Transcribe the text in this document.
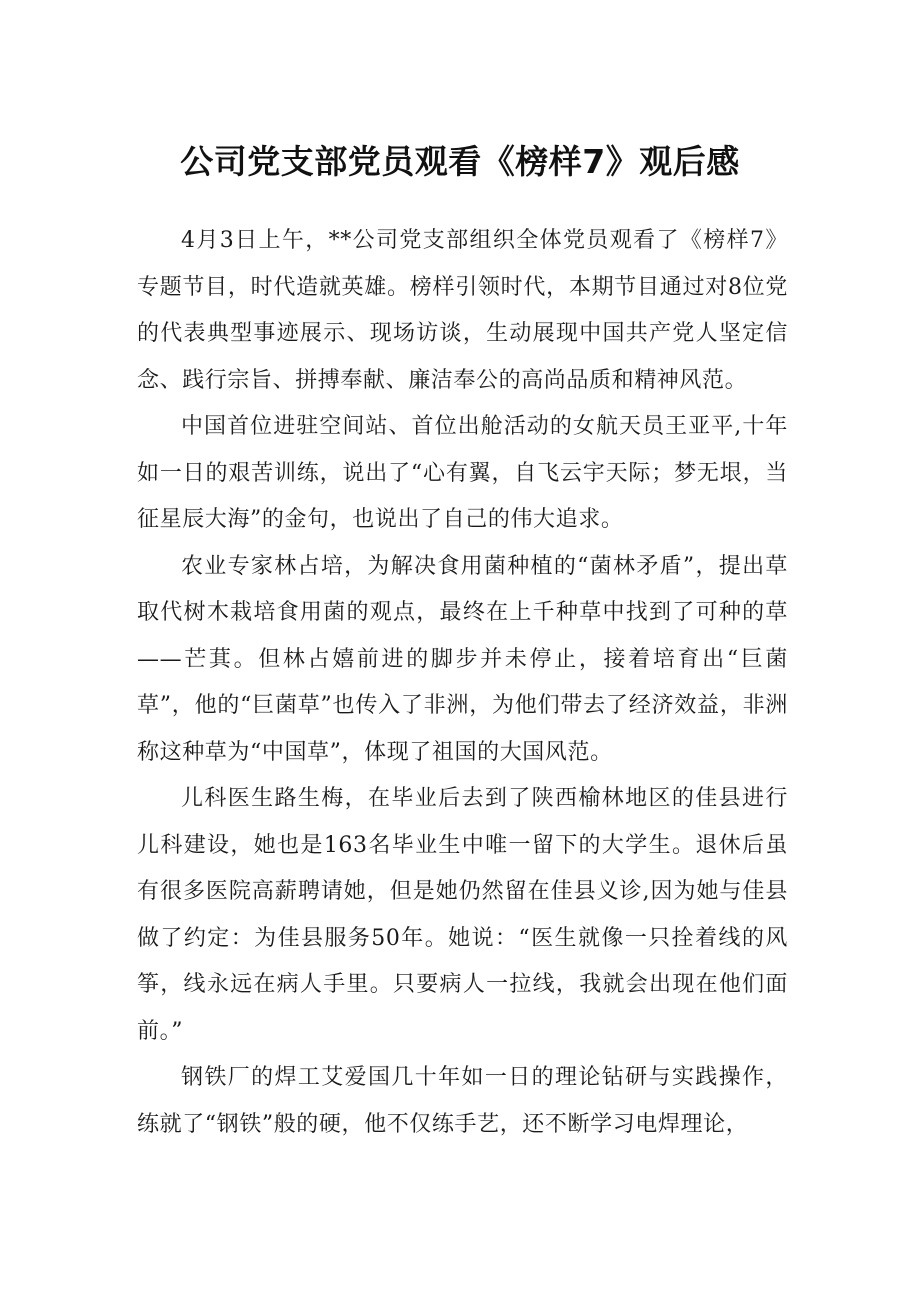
公司党支部党员观看《榜样7》观后感

4月3日上午，**公司党支部组织全体党员观看了《榜样7》专题节目，时代造就英雄。榜样引领时代，本期节目通过对8位党的代表典型事迹展示、现场访谈，生动展现中国共产党人坚定信念、践行宗旨、拼搏奉献、廉洁奉公的高尚品质和精神风范。

中国首位进驻空间站、首位出舱活动的女航天员王亚平,十年如一日的艰苦训练，说出了“心有翼，自飞云宇天际；梦无垠，当征星辰大海”的金句，也说出了自己的伟大追求。

农业专家林占培，为解决食用菌种植的“菌林矛盾”，提出草取代树木栽培食用菌的观点，最终在上千种草中找到了可种的草——芒萁。但林占嬉前进的脚步并未停止，接着培育出“巨菌草”，他的“巨菌草”也传入了非洲，为他们带去了经济效益，非洲称这种草为“中国草”，体现了祖国的大国风范。

儿科医生路生梅，在毕业后去到了陕西榆林地区的佳县进行儿科建设，她也是163名毕业生中唯一留下的大学生。退休后虽有很多医院高薪聘请她，但是她仍然留在佳县义诊,因为她与佳县做了约定：为佳县服务50年。她说：“医生就像一只拴着线的风筝，线永远在病人手里。只要病人一拉线，我就会出现在他们面前。”

钢铁厂的焊工艾爱国几十年如一日的理论钻研与实践操作，练就了“钢铁”般的硬，他不仅练手艺，还不断学习电焊理论，
